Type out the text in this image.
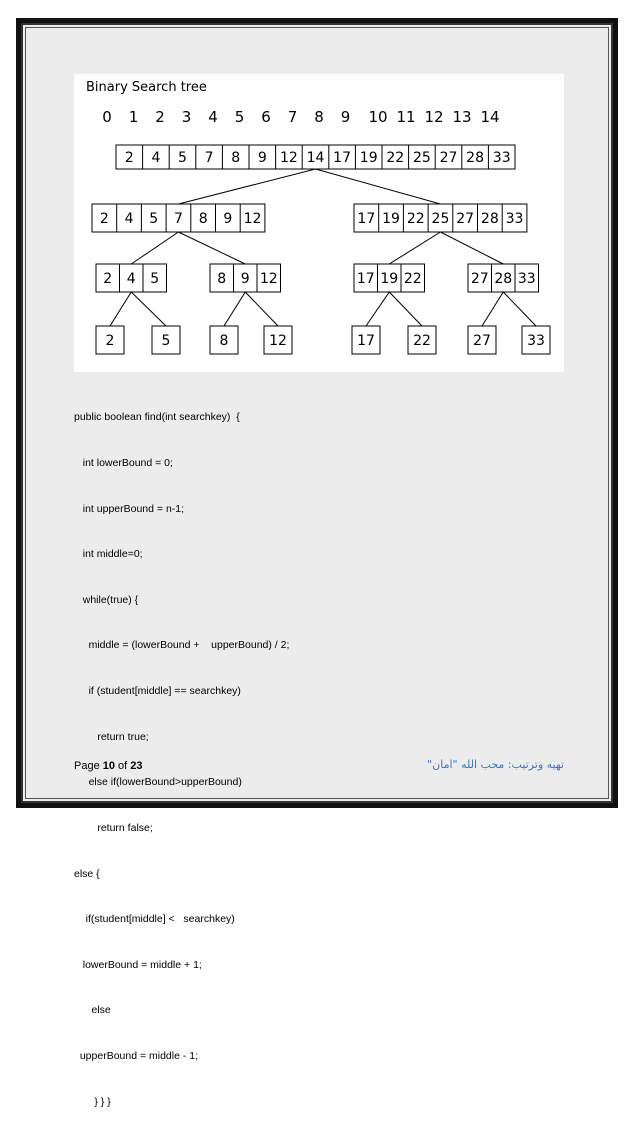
Binary Search tree
0 1 2 3 4 5 6 7 8 9 10 11 12 13 14
2 4 5 7 8 9 12 14 17 19 22 25 27 28 33
2 4 5 7 8 9 12	17 19 22 25 27 28 33
2 4 5	8 9 12	17 19 22	27 28 33
2	5	8	12	17	22	27	33

public boolean find(int searchkey)  {

int lowerBound = 0;

int upperBound = n-1;

int middle=0;

while(true) {

middle = (lowerBound +    upperBound) / 2;

if (student[middle] == searchkey)

return true;

else if(lowerBound>upperBound)

return false;

else {

if(student[middle] <   searchkey)

lowerBound = middle + 1;

else

upperBound = middle - 1;

} } }

Page 10 of 23	تهيه وترتيب: محب الله "امان"
